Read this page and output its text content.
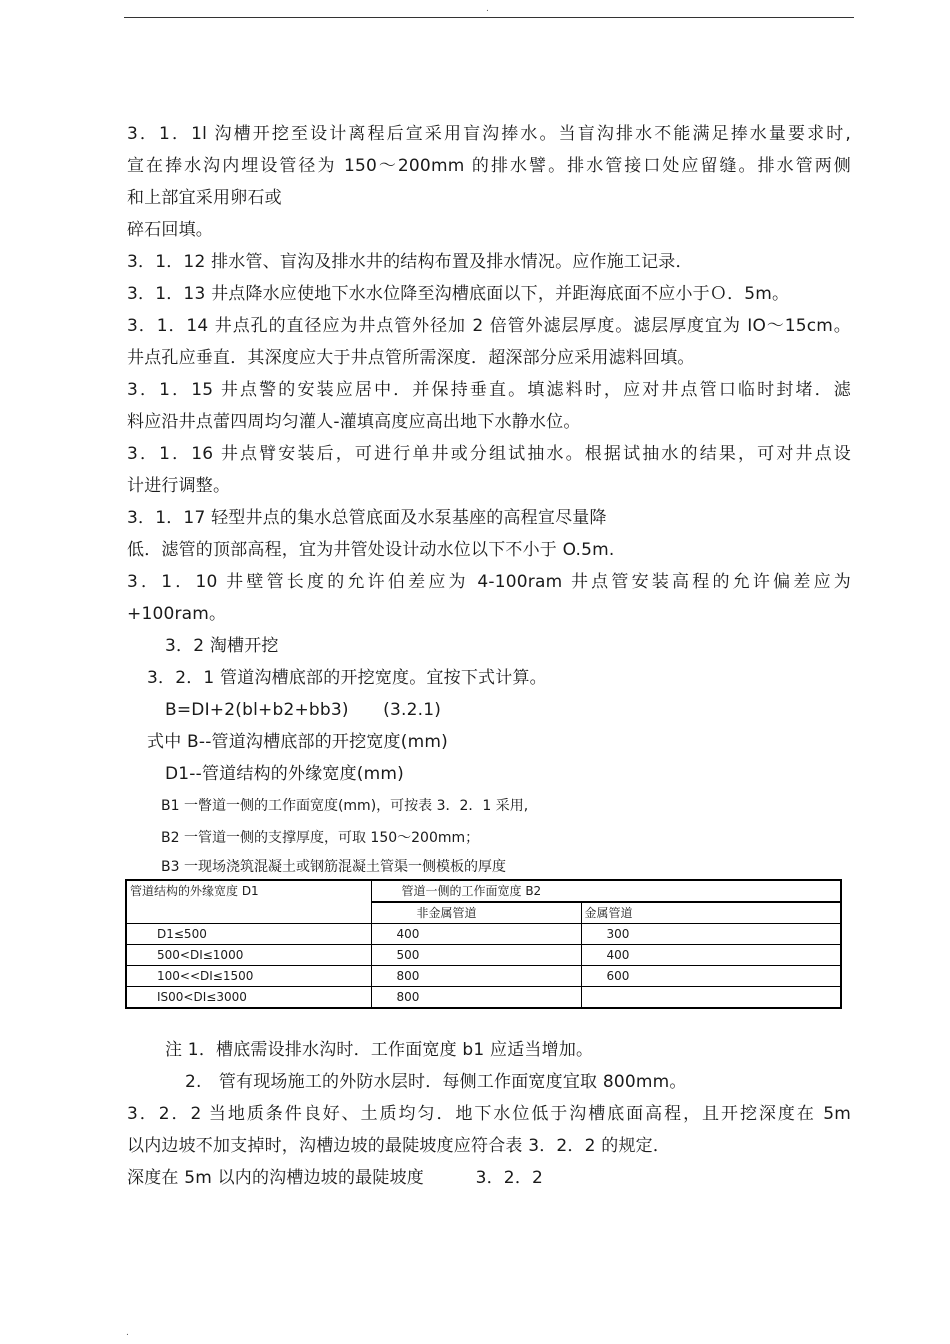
.
3．1．1l 沟槽开挖至设计离程后宣采用盲沟捧水。当盲沟排水不能满足捧水量要求时,
宣在捧水沟内埋设管径为 150～200mm 的排水譬。排水管接口处应留缝。排水管两侧
和上部宜采用卵石或
碎石回填。
3．1．12 排水管、盲沟及排水井的结构布置及排水情况。应作施工记录．
3．1．13 井点降水应使地下水水位降至沟槽底面以下，并距海底面不应小于Ｏ．5m。
3．1．14 井点孔的直径应为井点管外径加 2 倍管外滤层厚度。滤层厚度宜为 IO～15cm。
井点孔应垂直．其深度应大于井点管所需深度．超深部分应采用滤料回填。
3．1．15 井点警的安装应居中．并保持垂直。填滤料时，应对井点管口临时封堵．滤
料应沿井点蕾四周均匀灌人-灌填高度应高出地下水静水位。
3．1．16 井点臂安装后，可进行单井或分组试抽水。根据试抽水的结果，可对井点设
计进行调整。
3．1．17 轻型井点的集水总管底面及水泵基座的高程宣尽量降
低．滤管的顶部高程，宜为井管处设计动水位以下不小于 O.5m.
3．1．10 井壁管长度的允许伯差应为 4-100ram 井点管安装高程的允许偏差应为
+100ram。
3．2 淘槽开挖
3．2．1 管道沟槽底部的开挖宽度。宜按下式计算。
B=DI+2(bl+b2+bb3)　　(3.2.1)
式中 B--管道沟槽底部的开挖宽度(mm)
D1--管道结构的外缘宽度(mm)
B1 一瞥道一侧的工作面宽度(mm)，可按表 3．2．1 采用,
B2 一管道一侧的支撑厚度，可取 150～200mm；
B3 一现场浇筑混凝土或钢筋混凝土管渠一侧模板的厚度
管道结构的外缘宽度 D1	管道一侧的工作面宽度 B2	
	非金属管道	金属管道
D1≤500	400	300
500<DI≤1000	500	400
100<<DI≤1500	800	600
IS00<DI≤3000	800	
注 1．槽底需设排水沟时．工作面宽度 b1 应适当增加。
2.　管有现场施工的外防水层时．每侧工作面宽度宜取 800mm。
3．2．2 当地质条件良好、土质均匀．地下水位低于沟槽底面高程，且开挖深度在 5m
以内边坡不加支掉时，沟槽边坡的最陡坡度应符合表 3．2．2 的规定．
深度在 5m 以内的沟槽边坡的最陡坡度　　　3．2．2
.
